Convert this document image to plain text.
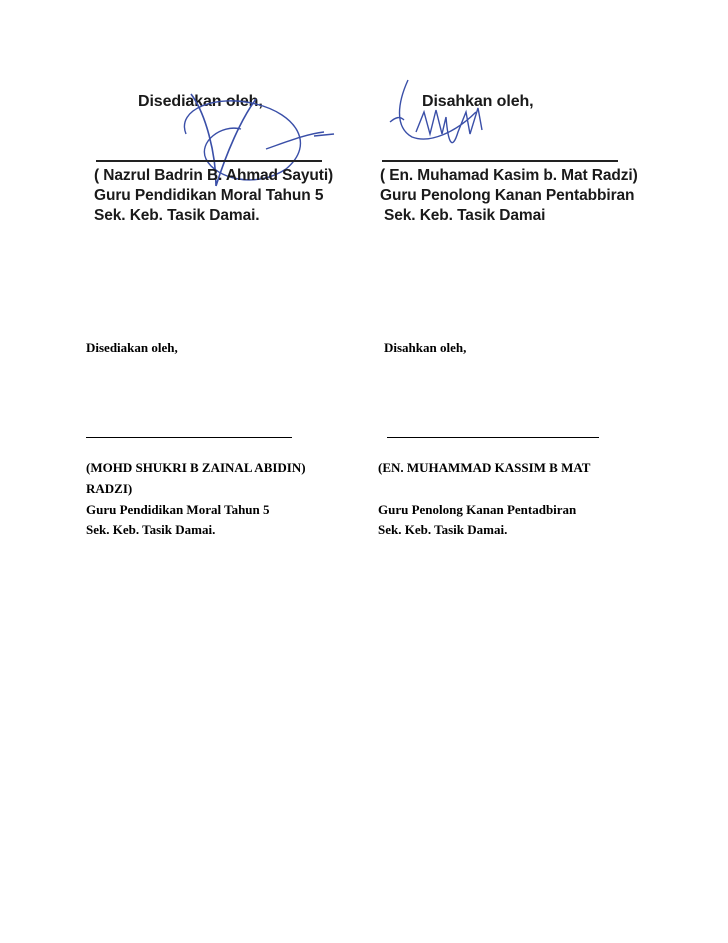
Disediakan oleh,
( Nazrul Badrin B. Ahmad Sayuti)
Guru Pendidikan Moral Tahun 5
Sek. Keb. Tasik Damai.
Disahkan oleh,
( En. Muhamad Kasim b. Mat Radzi)
Guru Penolong Kanan Pentabbiran
Sek. Keb. Tasik Damai
Disediakan oleh,	Disahkan oleh,
(MOHD SHUKRI B ZAINAL ABIDIN)	(EN. MUHAMMAD KASSIM B MAT
RADZI)
Guru Pendidikan Moral Tahun 5	Guru Penolong Kanan Pentadbiran
Sek. Keb. Tasik Damai.	Sek. Keb. Tasik Damai.
